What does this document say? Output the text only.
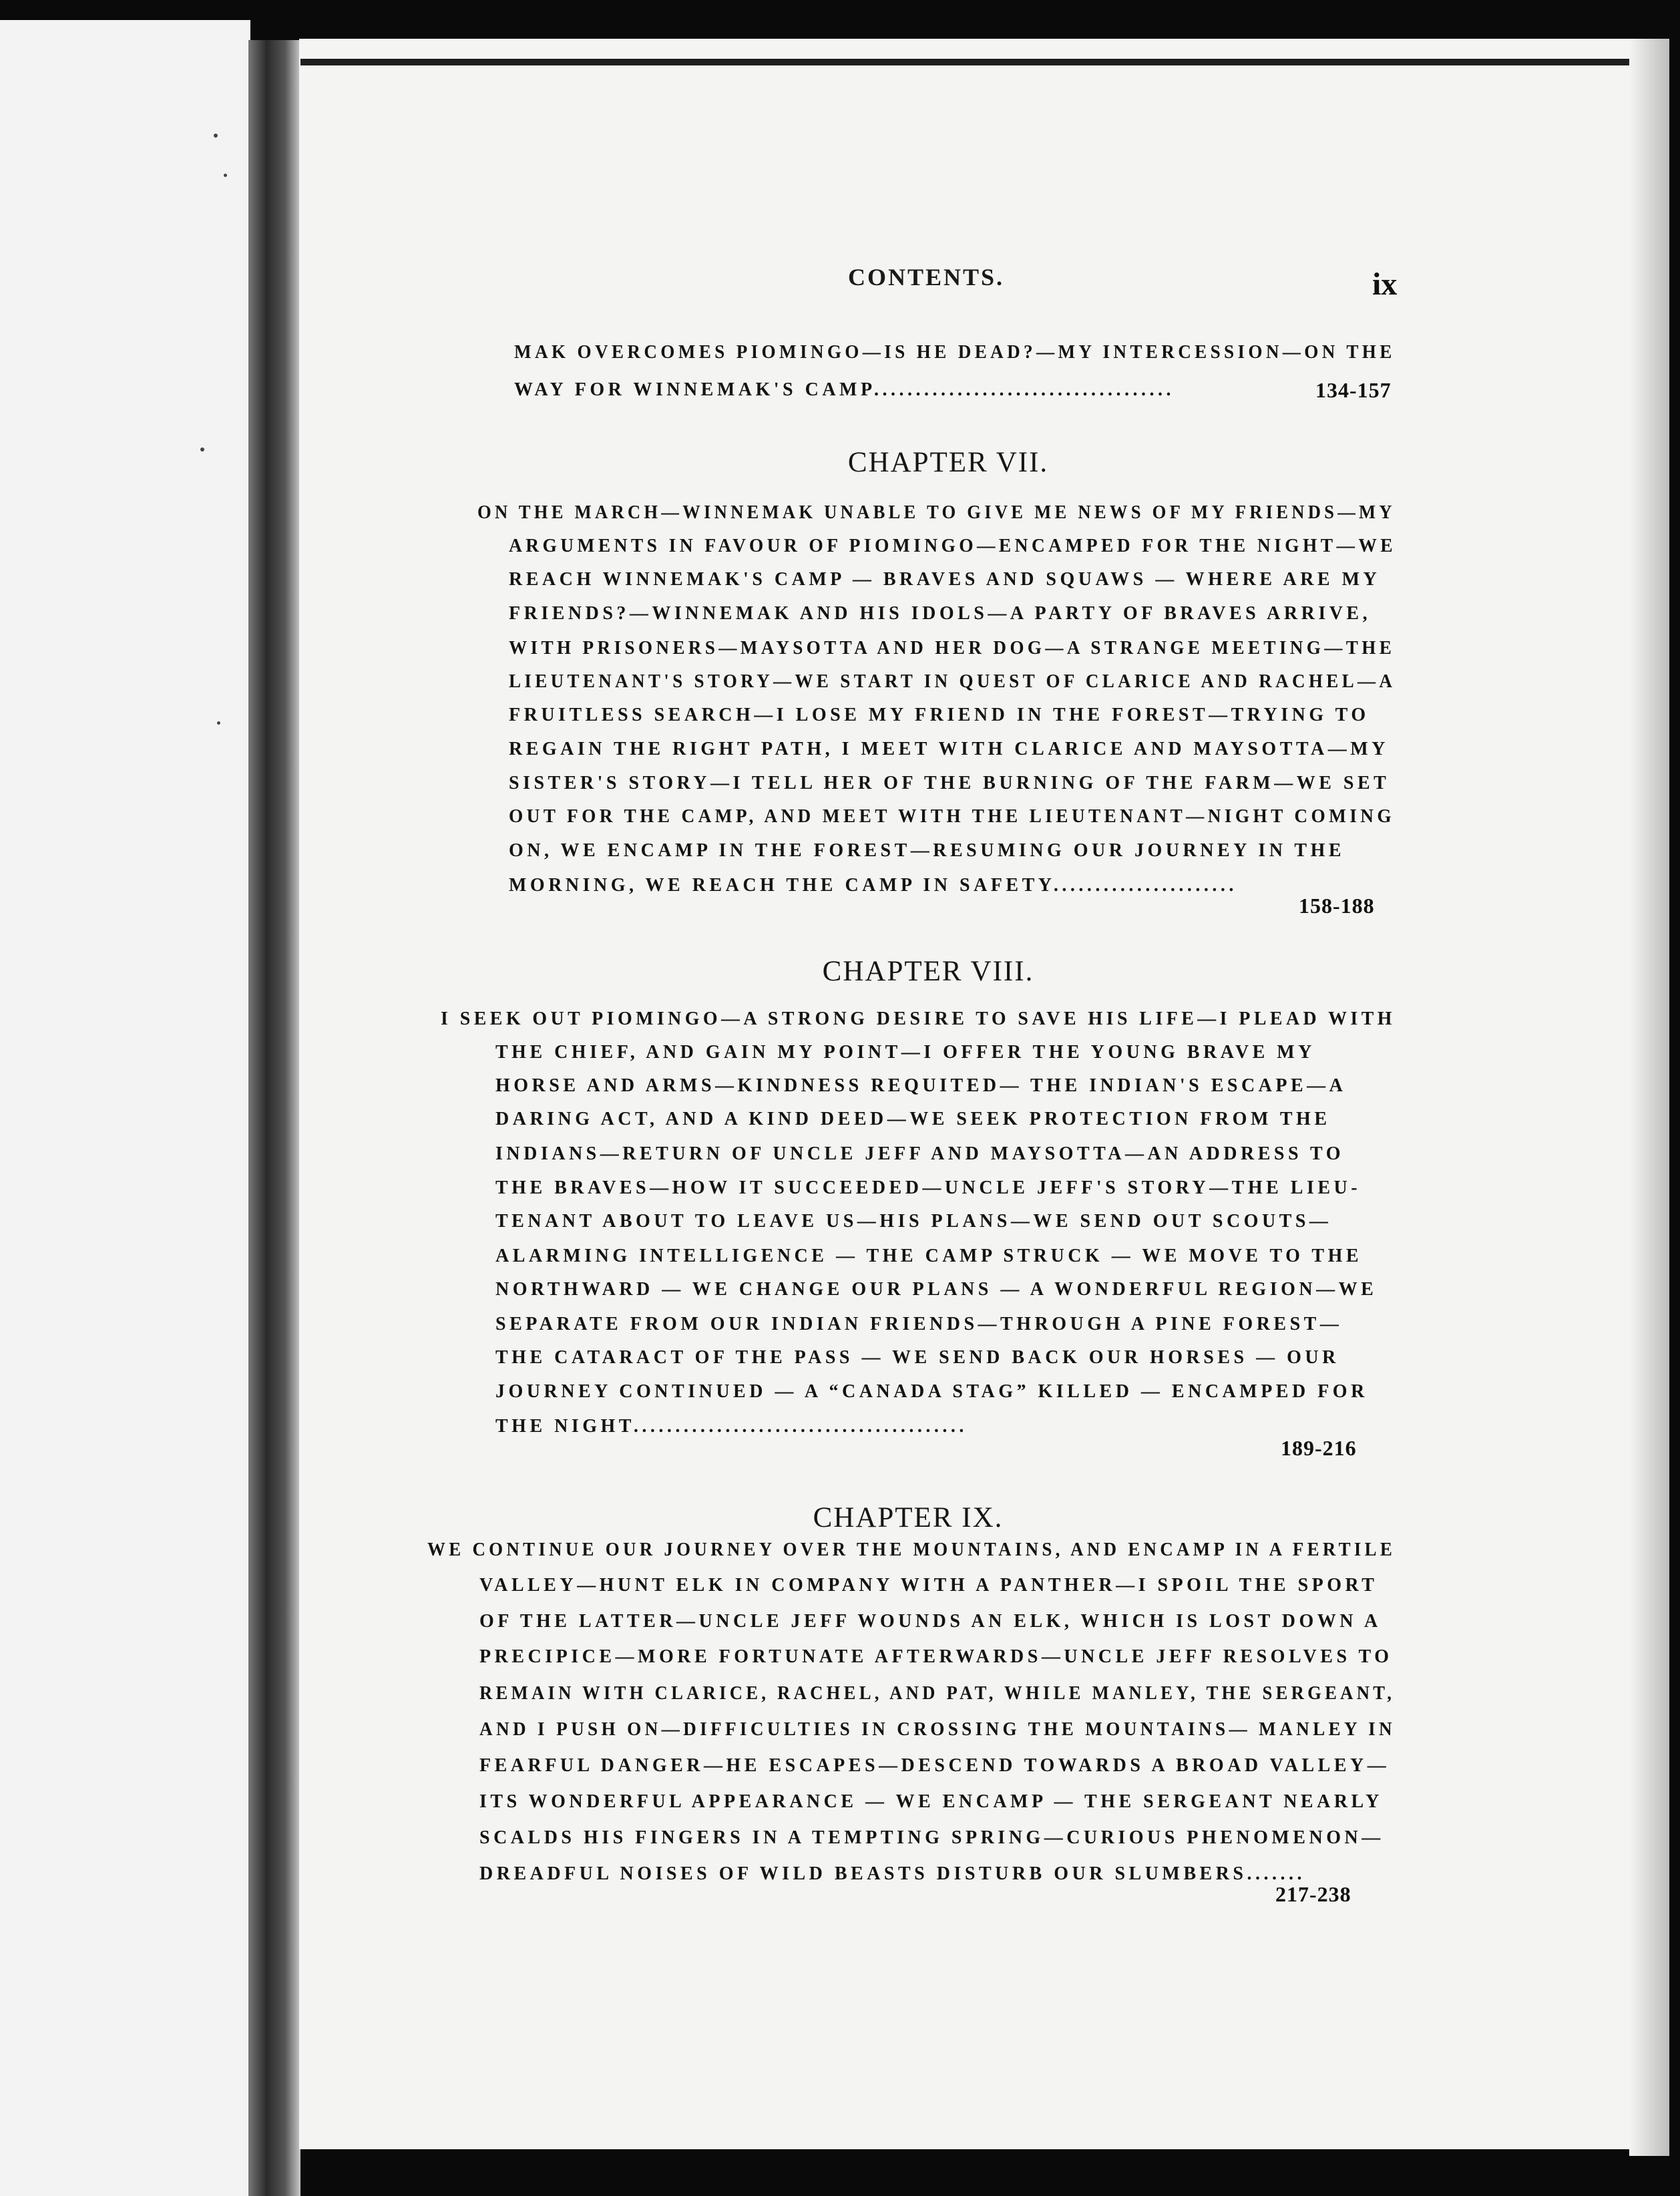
CONTENTS.	ix
MAK OVERCOMES PIOMINGO—IS HE DEAD?—MY INTERCESSION—ON THE
WAY FOR WINNEMAK'S CAMP....................................	134-157
CHAPTER VII.
ON THE MARCH—WINNEMAK UNABLE TO GIVE ME NEWS OF MY FRIENDS—MY
ARGUMENTS IN FAVOUR OF PIOMINGO—ENCAMPED FOR THE NIGHT—WE
REACH WINNEMAK'S CAMP — BRAVES AND SQUAWS — WHERE ARE MY
FRIENDS?—WINNEMAK AND HIS IDOLS—A PARTY OF BRAVES ARRIVE,
WITH PRISONERS—MAYSOTTA AND HER DOG—A STRANGE MEETING—THE
LIEUTENANT'S STORY—WE START IN QUEST OF CLARICE AND RACHEL—A
FRUITLESS SEARCH—I LOSE MY FRIEND IN THE FOREST—TRYING TO
REGAIN THE RIGHT PATH, I MEET WITH CLARICE AND MAYSOTTA—MY
SISTER'S STORY—I TELL HER OF THE BURNING OF THE FARM—WE SET
OUT FOR THE CAMP, AND MEET WITH THE LIEUTENANT—NIGHT COMING
ON, WE ENCAMP IN THE FOREST—RESUMING OUR JOURNEY IN THE
MORNING, WE REACH THE CAMP IN SAFETY......................
158-188
CHAPTER VIII.
I SEEK OUT PIOMINGO—A STRONG DESIRE TO SAVE HIS LIFE—I PLEAD WITH
THE CHIEF, AND GAIN MY POINT—I OFFER THE YOUNG BRAVE MY
HORSE AND ARMS—KINDNESS REQUITED— THE INDIAN'S ESCAPE—A
DARING ACT, AND A KIND DEED—WE SEEK PROTECTION FROM THE
INDIANS—RETURN OF UNCLE JEFF AND MAYSOTTA—AN ADDRESS TO
THE BRAVES—HOW IT SUCCEEDED—UNCLE JEFF'S STORY—THE LIEU-
TENANT ABOUT TO LEAVE US—HIS PLANS—WE SEND OUT SCOUTS—
ALARMING INTELLIGENCE — THE CAMP STRUCK — WE MOVE TO THE
NORTHWARD — WE CHANGE OUR PLANS — A WONDERFUL REGION—WE
SEPARATE FROM OUR INDIAN FRIENDS—THROUGH A PINE FOREST—
THE CATARACT OF THE PASS — WE SEND BACK OUR HORSES — OUR
JOURNEY CONTINUED — A “CANADA STAG” KILLED — ENCAMPED FOR
THE NIGHT........................................
189-216
CHAPTER IX.
WE CONTINUE OUR JOURNEY OVER THE MOUNTAINS, AND ENCAMP IN A FERTILE
VALLEY—HUNT ELK IN COMPANY WITH A PANTHER—I SPOIL THE SPORT
OF THE LATTER—UNCLE JEFF WOUNDS AN ELK, WHICH IS LOST DOWN A
PRECIPICE—MORE FORTUNATE AFTERWARDS—UNCLE JEFF RESOLVES TO
REMAIN WITH CLARICE, RACHEL, AND PAT, WHILE MANLEY, THE SERGEANT,
AND I PUSH ON—DIFFICULTIES IN CROSSING THE MOUNTAINS— MANLEY IN
FEARFUL DANGER—HE ESCAPES—DESCEND TOWARDS A BROAD VALLEY—
ITS WONDERFUL APPEARANCE — WE ENCAMP — THE SERGEANT NEARLY
SCALDS HIS FINGERS IN A TEMPTING SPRING—CURIOUS PHENOMENON—
DREADFUL NOISES OF WILD BEASTS DISTURB OUR SLUMBERS.......
217-238
